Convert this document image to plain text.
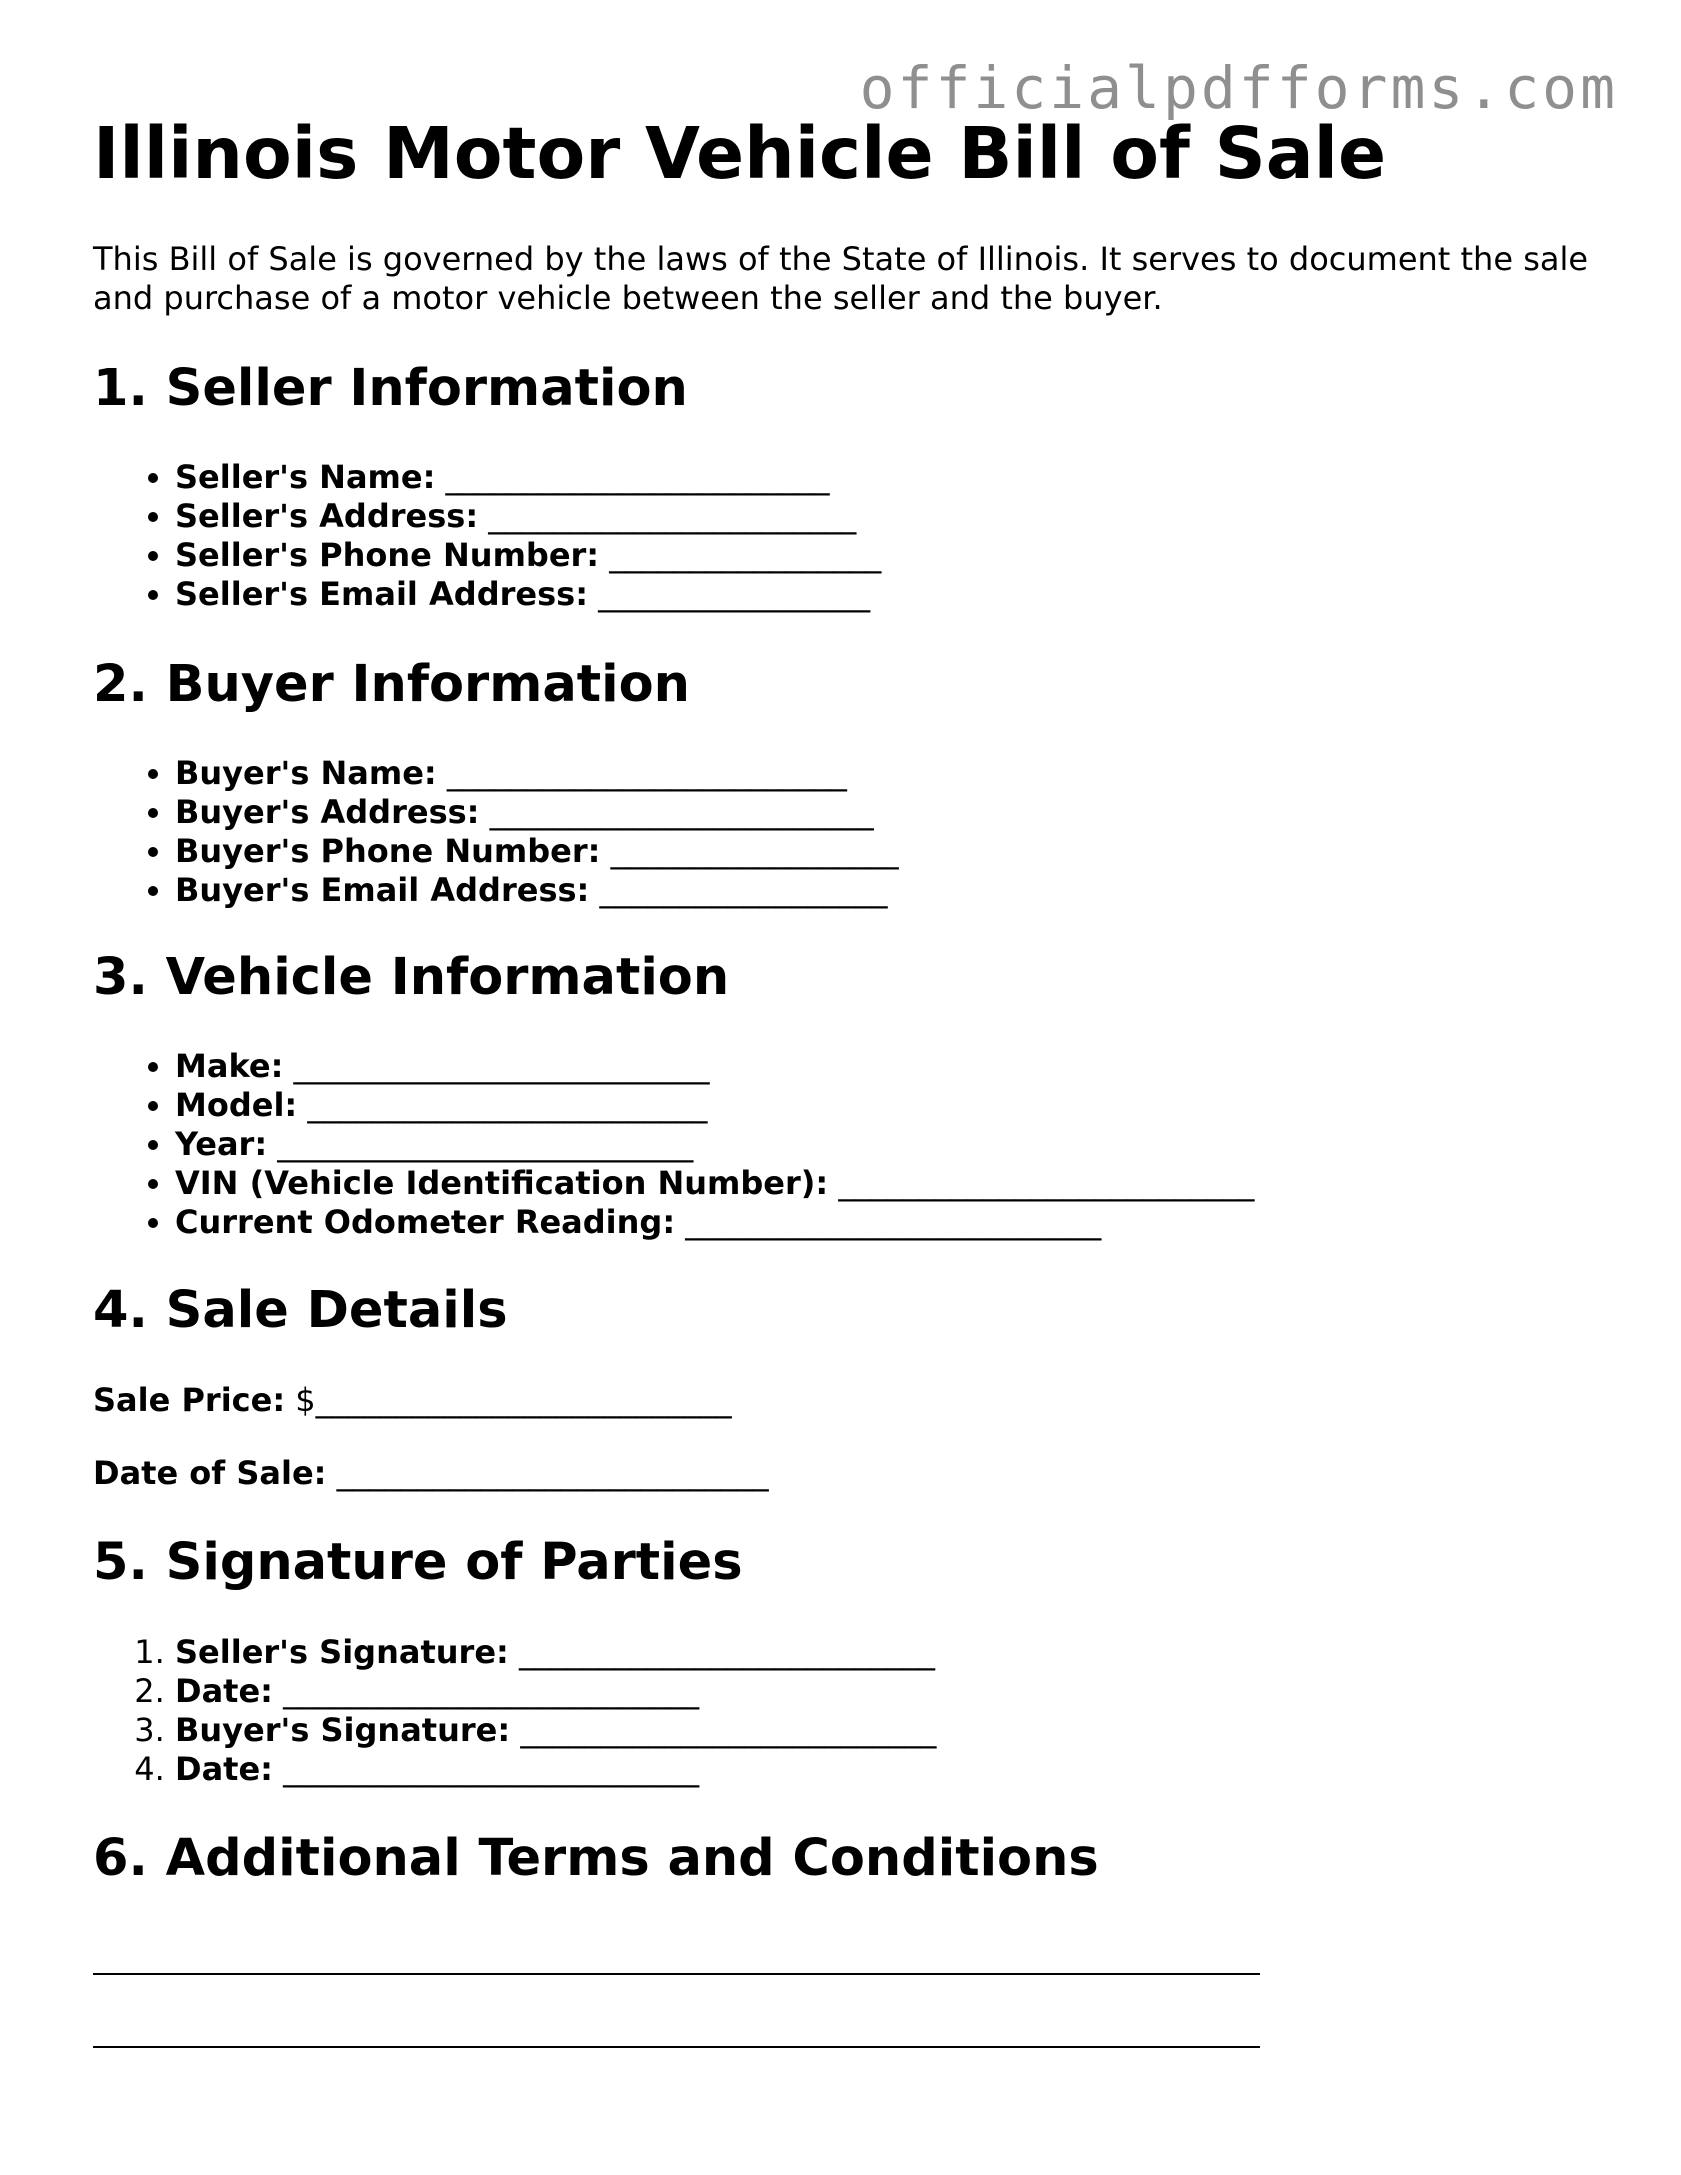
officialpdfforms.com
Illinois Motor Vehicle Bill of Sale

This Bill of Sale is governed by the laws of the State of Illinois. It serves to document the sale and purchase of a motor vehicle between the seller and the buyer.

1. Seller Information
• Seller's Name: ________________________
• Seller's Address: _______________________
• Seller's Phone Number: _________________
• Seller's Email Address: _________________
2. Buyer Information
• Buyer's Name: _________________________
• Buyer's Address: ________________________
• Buyer's Phone Number: __________________
• Buyer's Email Address: __________________
3. Vehicle Information
• Make: __________________________
• Model: _________________________
• Year: __________________________
• VIN (Vehicle Identification Number): __________________________
• Current Odometer Reading: __________________________
4. Sale Details

Sale Price: $__________________________

Date of Sale: ___________________________

5. Signature of Parties
1. Seller's Signature: __________________________
2. Date: __________________________
3. Buyer's Signature: __________________________
4. Date: __________________________
6. Additional Terms and Conditions
